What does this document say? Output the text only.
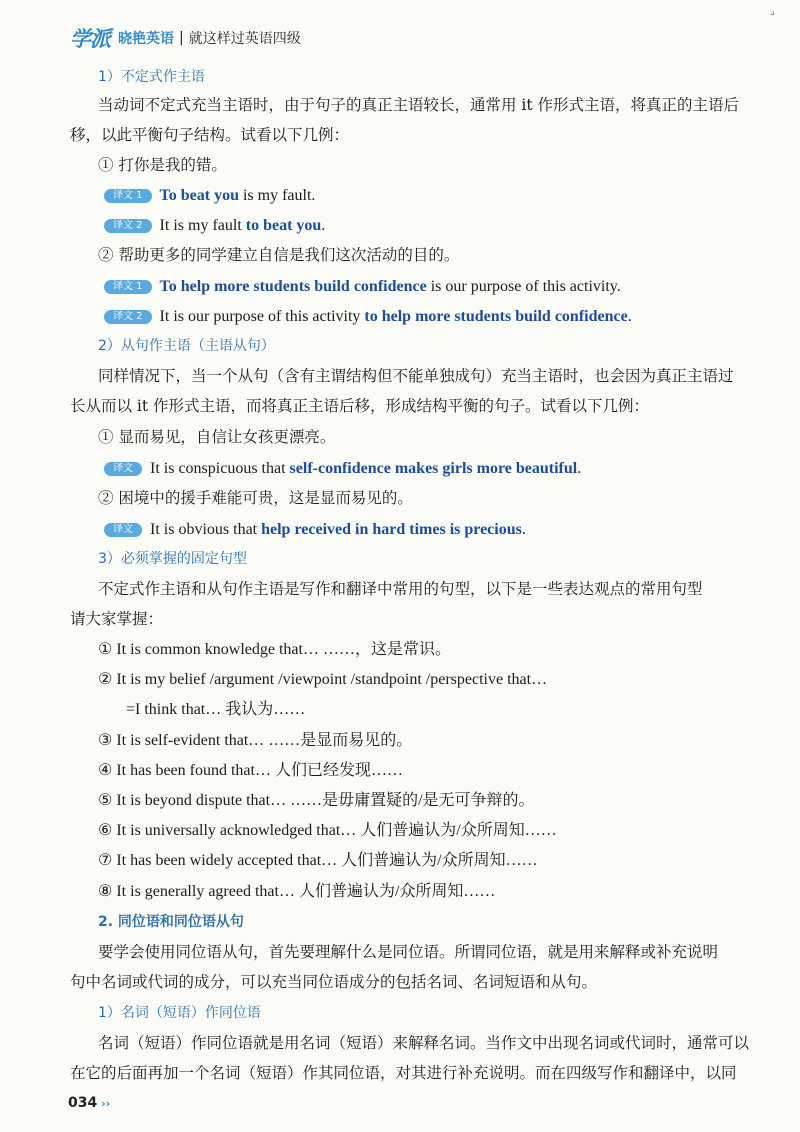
学派 晓艳英语 | 就这样过英语四级
⌟
1）不定式作主语
当动词不定式充当主语时，由于句子的真正主语较长，通常用 it 作形式主语，将真正的主语后
移，以此平衡句子结构。试看以下几例：
① 打你是我的错。
译文 1 To beat you is my fault.
译文 2 It is my fault to beat you.
② 帮助更多的同学建立自信是我们这次活动的目的。
译文 1 To help more students build confidence is our purpose of this activity.
译文 2 It is our purpose of this activity to help more students build confidence.
2）从句作主语（主语从句）
同样情况下，当一个从句（含有主谓结构但不能单独成句）充当主语时，也会因为真正主语过
长从而以 it 作形式主语，而将真正主语后移，形成结构平衡的句子。试看以下几例：
① 显而易见，自信让女孩更漂亮。
译文 It is conspicuous that self-confidence makes girls more beautiful.
② 困境中的援手难能可贵，这是显而易见的。
译文 It is obvious that help received in hard times is precious.
3）必须掌握的固定句型
不定式作主语和从句作主语是写作和翻译中常用的句型，以下是一些表达观点的常用句型
请大家掌握：
① It is common knowledge that… ……，这是常识。
② It is my belief /argument /viewpoint /standpoint /perspective that…
=I think that… 我认为……
③ It is self-evident that… ……是显而易见的。
④ It has been found that… 人们已经发现……
⑤ It is beyond dispute that… ……是毋庸置疑的/是无可争辩的。
⑥ It is universally acknowledged that… 人们普遍认为/众所周知……
⑦ It has been widely accepted that… 人们普遍认为/众所周知……
⑧ It is generally agreed that… 人们普遍认为/众所周知……
2. 同位语和同位语从句
要学会使用同位语从句，首先要理解什么是同位语。所谓同位语，就是用来解释或补充说明
句中名词或代词的成分，可以充当同位语成分的包括名词、名词短语和从句。
1）名词（短语）作同位语
名词（短语）作同位语就是用名词（短语）来解释名词。当作文中出现名词或代词时，通常可以
在它的后面再加一个名词（短语）作其同位语，对其进行补充说明。而在四级写作和翻译中，以同
034 ››
